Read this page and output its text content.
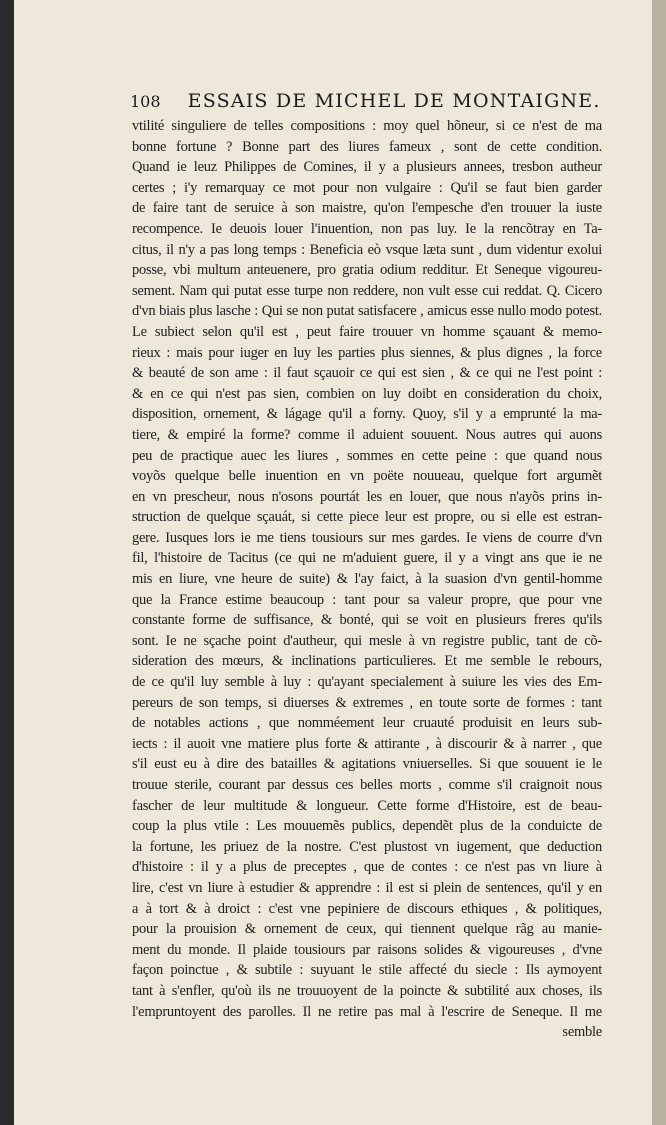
108 ESSAIS DE MICHEL DE MONTAIGNE.
vtilité singuliere de telles compositions : moy quel hõneur, si ce n'est de ma
bonne fortune ? Bonne part des liures fameux , sont de cette condition.
Quand ie leuz Philippes de Comines, il y a plusieurs annees, tresbon autheur
certes ; i'y remarquay ce mot pour non vulgaire : Qu'il se faut bien garder
de faire tant de seruice à son maistre, qu'on l'empesche d'en trouuer la iuste
recompence. Ie deuois louer l'inuention, non pas luy. Ie la rencõtray en Ta-
citus, il n'y a pas long temps : Beneficia eò vsque læta sunt , dum videntur exolui
posse, vbi multum anteuenere, pro gratia odium redditur. Et Seneque vigoureu-
sement. Nam qui putat esse turpe non reddere, non vult esse cui reddat. Q. Cicero
d'vn biais plus lasche : Qui se non putat satisfacere , amicus esse nullo modo potest.
Le subiect selon qu'il est , peut faire trouuer vn homme sçauant & memo-
rieux : mais pour iuger en luy les parties plus siennes, & plus dignes , la force
& beauté de son ame : il faut sçauoir ce qui est sien , & ce qui ne l'est point :
& en ce qui n'est pas sien, combien on luy doibt en consideration du choix,
disposition, ornement, & lágage qu'il a forny. Quoy, s'il y a emprunté la ma-
tiere, & empiré la forme? comme il aduient souuent. Nous autres qui auons
peu de practique auec les liures , sommes en cette peine : que quand nous
voyõs quelque belle inuention en vn poëte nouueau, quelque fort argumẽt
en vn prescheur, nous n'osons pourtát les en louer, que nous n'ayõs prins in-
struction de quelque sçauát, si cette piece leur est propre, ou si elle est estran-
gere. Iusques lors ie me tiens tousiours sur mes gardes. Ie viens de courre d'vn
fil, l'histoire de Tacitus (ce qui ne m'aduient guere, il y a vingt ans que ie ne
mis en liure, vne heure de suite) & l'ay faict, à la suasion d'vn gentil-homme
que la France estime beaucoup : tant pour sa valeur propre, que pour vne
constante forme de suffisance, & bonté, qui se voit en plusieurs freres qu'ils
sont. Ie ne sçache point d'autheur, qui mesle à vn registre public, tant de cõ-
sideration des mœurs, & inclinations particulieres. Et me semble le rebours,
de ce qu'il luy semble à luy : qu'ayant specialement à suiure les vies des Em-
pereurs de son temps, si diuerses & extremes , en toute sorte de formes : tant
de notables actions , que nomméement leur cruauté produisit en leurs sub-
iects : il auoit vne matiere plus forte & attirante , à discourir & à narrer , que
s'il eust eu à dire des batailles & agitations vniuerselles. Si que souuent ie le
trouue sterile, courant par dessus ces belles morts , comme s'il craignoit nous
fascher de leur multitude & longueur. Cette forme d'Histoire, est de beau-
coup la plus vtile : Les mouuemẽs publics, dependẽt plus de la conduicte de
la fortune, les priuez de la nostre. C'est plustost vn iugement, que deduction
d'histoire : il y a plus de preceptes , que de contes : ce n'est pas vn liure à
lire, c'est vn liure à estudier & apprendre : il est si plein de sentences, qu'il y en
a à tort & à droict : c'est vne pepiniere de discours ethiques , & politiques,
pour la prouision & ornement de ceux, qui tiennent quelque rãg au manie-
ment du monde. Il plaide tousiours par raisons solides & vigoureuses , d'vne
façon poinctue , & subtile : suyuant le stile affecté du siecle : Ils aymoyent
tant à s'enfler, qu'où ils ne trouuoyent de la poincte & subtilité aux choses, ils
l'empruntoyent des parolles. Il ne retire pas mal à l'escrire de Seneque. Il me
semble
